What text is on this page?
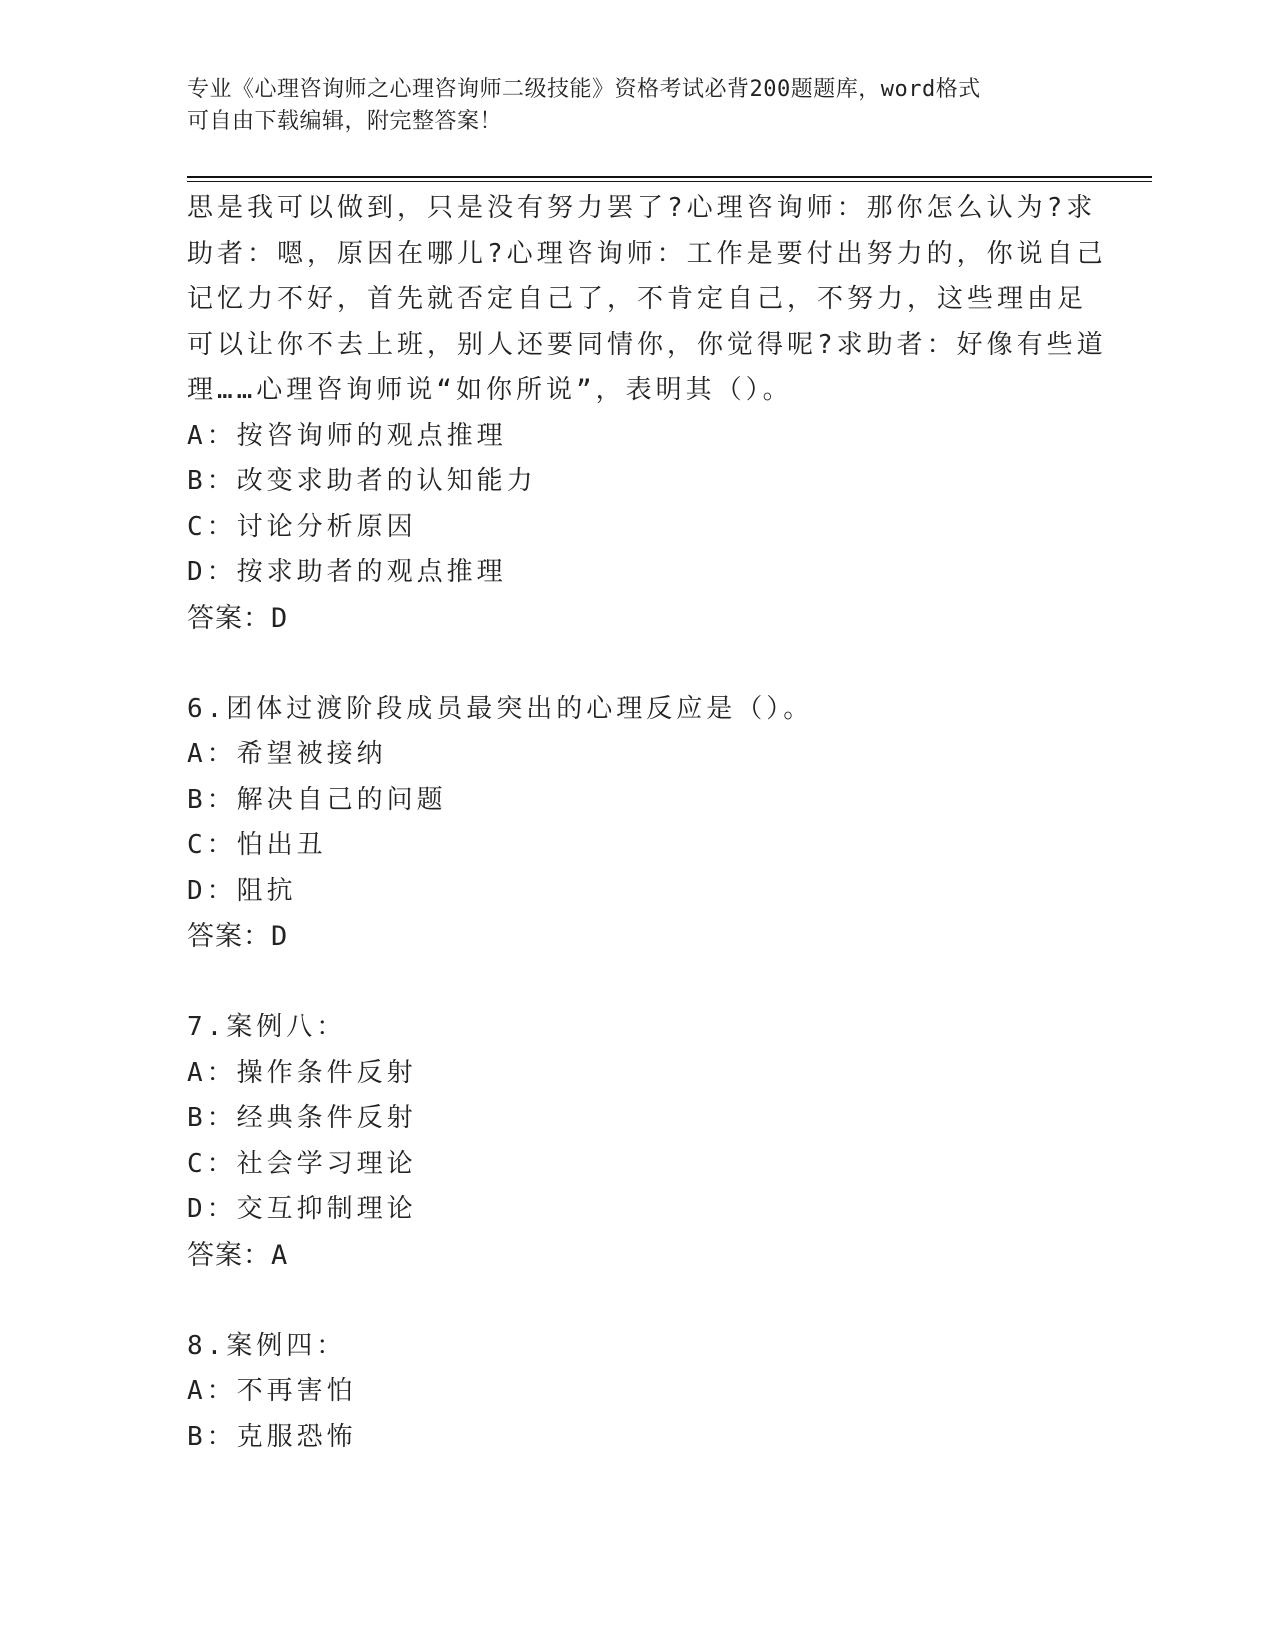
专业《心理咨询师之心理咨询师二级技能》资格考试必背200题题库，word格式
可自由下载编辑，附完整答案！
思是我可以做到，只是没有努力罢了?心理咨询师：那你怎么认为?求
助者：嗯，原因在哪儿?心理咨询师：工作是要付出努力的，你说自己
记忆力不好，首先就否定自己了，不肯定自己，不努力，这些理由足
可以让你不去上班，别人还要同情你，你觉得呢?求助者：好像有些道
理……心理咨询师说“如你所说”，表明其（）。
A：按咨询师的观点推理
B：改变求助者的认知能力
C：讨论分析原因
D：按求助者的观点推理
答案：D
6.团体过渡阶段成员最突出的心理反应是（）。
A：希望被接纳
B：解决自己的问题
C：怕出丑
D：阻抗
答案：D
7.案例八：
A：操作条件反射
B：经典条件反射
C：社会学习理论
D：交互抑制理论
答案：A
8.案例四：
A：不再害怕
B：克服恐怖
